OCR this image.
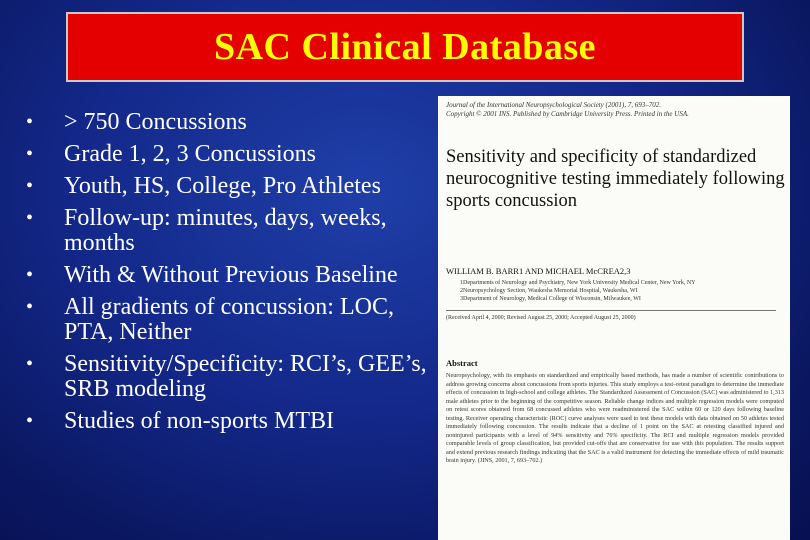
SAC Clinical Database
• > 750 Concussions
• Grade 1, 2, 3 Concussions
• Youth, HS, College, Pro Athletes
• Follow-up: minutes, days, weeks, months
• With & Without Previous Baseline
• All gradients of concussion: LOC, PTA, Neither
• Sensitivity/Specificity: RCI’s, GEE’s, SRB modeling
• Studies of non-sports MTBI
Journal of the International Neuropsychological Society (2001), 7, 693–702.
Copyright © 2001 INS. Published by Cambridge University Press. Printed in the USA.
Sensitivity and specificity of standardized neurocognitive testing immediately following sports concussion
WILLIAM B. BARR1 AND MICHAEL McCREA2,3
1Departments of Neurology and Psychiatry, New York University Medical Center, New York, NY
2Neuropsychology Section, Waukesha Memorial Hospital, Waukesha, WI
3Department of Neurology, Medical College of Wisconsin, Milwaukee, WI
(Received April 4, 2000; Revised August 25, 2000; Accepted August 25, 2000)
Abstract
Neuropsychology, with its emphasis on standardized and empirically based methods, has made a number of scientific contributions to address growing concerns about concussions from sports injuries. This study employs a test–retest paradigm to determine the immediate effects of concussion in high-school and college athletes. The Standardized Assessment of Concussion (SAC) was administered to 1,313 male athletes prior to the beginning of the competitive season. Reliable change indices and multiple regression models were computed on retest scores obtained from 68 concussed athletes who were readministered the SAC within 60 or 120 days following baseline testing. Receiver operating characteristic (ROC) curve analyses were used to test these models with data obtained on 50 athletes tested immediately following concussion. The results indicate that a decline of 1 point on the SAC at retesting classified injured and noninjured participants with a level of 94% sensitivity and 76% specificity. The RCI and multiple regression models provided comparable levels of group classification, but provided cut-offs that are conservative for use with this population. The results support and extend previous research findings indicating that the SAC is a valid instrument for detecting the immediate effects of mild traumatic brain injury. (JINS, 2001, 7, 693–702.)
